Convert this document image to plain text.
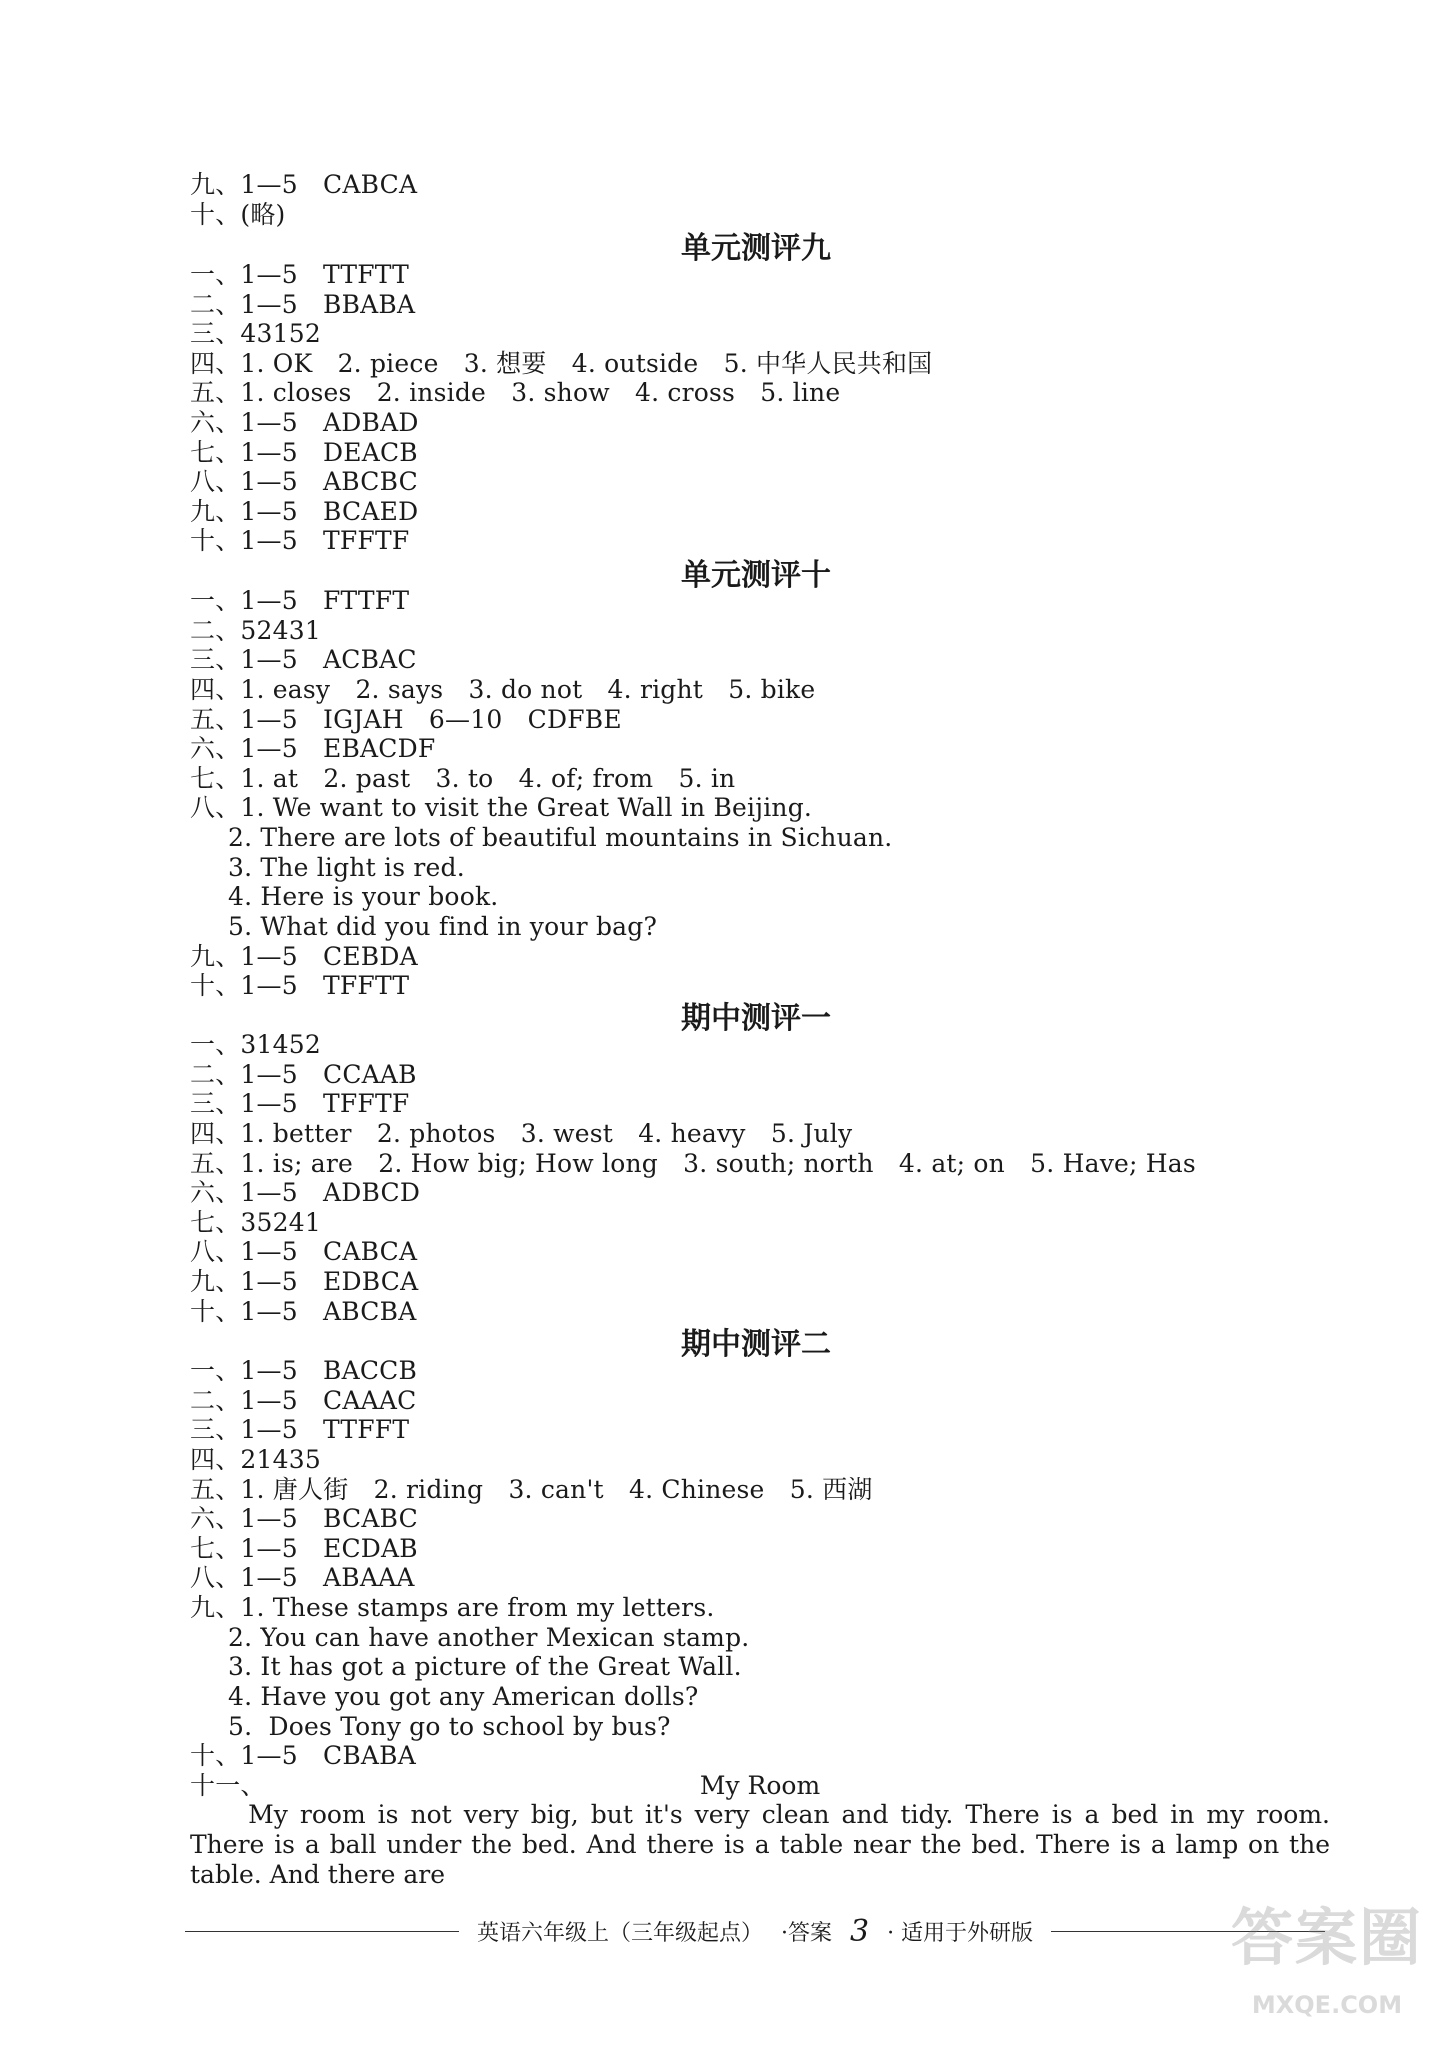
九、1—5　CABCA
十、(略)
单元测评九
一、1—5　TTFTT
二、1—5　BBABA
三、43152
四、1. OK　2. piece　3. 想要　4. outside　5. 中华人民共和国
五、1. closes　2. inside　3. show　4. cross　5. line
六、1—5　ADBAD
七、1—5　DEACB
八、1—5　ABCBC
九、1—5　BCAED
十、1—5　TFFTF
单元测评十
一、1—5　FTTFT
二、52431
三、1—5　ACBAC
四、1. easy　2. says　3. do not　4. right　5. bike
五、1—5　IGJAH　6—10　CDFBE
六、1—5　EBACDF
七、1. at　2. past　3. to　4. of; from　5. in
八、1. We want to visit the Great Wall in Beijing.
2. There are lots of beautiful mountains in Sichuan.
3. The light is red.
4. Here is your book.
5. What did you find in your bag?
九、1—5　CEBDA
十、1—5　TFFTT
期中测评一
一、31452
二、1—5　CCAAB
三、1—5　TFFTF
四、1. better　2. photos　3. west　4. heavy　5. July
五、1. is; are　2. How big; How long　3. south; north　4. at; on　5. Have; Has
六、1—5　ADBCD
七、35241
八、1—5　CABCA
九、1—5　EDBCA
十、1—5　ABCBA
期中测评二
一、1—5　BACCB
二、1—5　CAAAC
三、1—5　TTFFT
四、21435
五、1. 唐人街　2. riding　3. can't　4. Chinese　5. 西湖
六、1—5　BCABC
七、1—5　ECDAB
八、1—5　ABAAA
九、1. These stamps are from my letters.
2. You can have another Mexican stamp.
3. It has got a picture of the Great Wall.
4. Have you got any American dolls?
5.  Does Tony go to school by bus?
十、1—5　CBABA
十一、	My Room
　　My room is not very big, but it's very clean and tidy. There is a bed in my room. There is a ball under the bed. And there is a table near the bed. There is a lamp on the table. And there are
英语六年级上（三年级起点） ·答案 3 · 适用于外研版	答案圈
MXQE.COM
